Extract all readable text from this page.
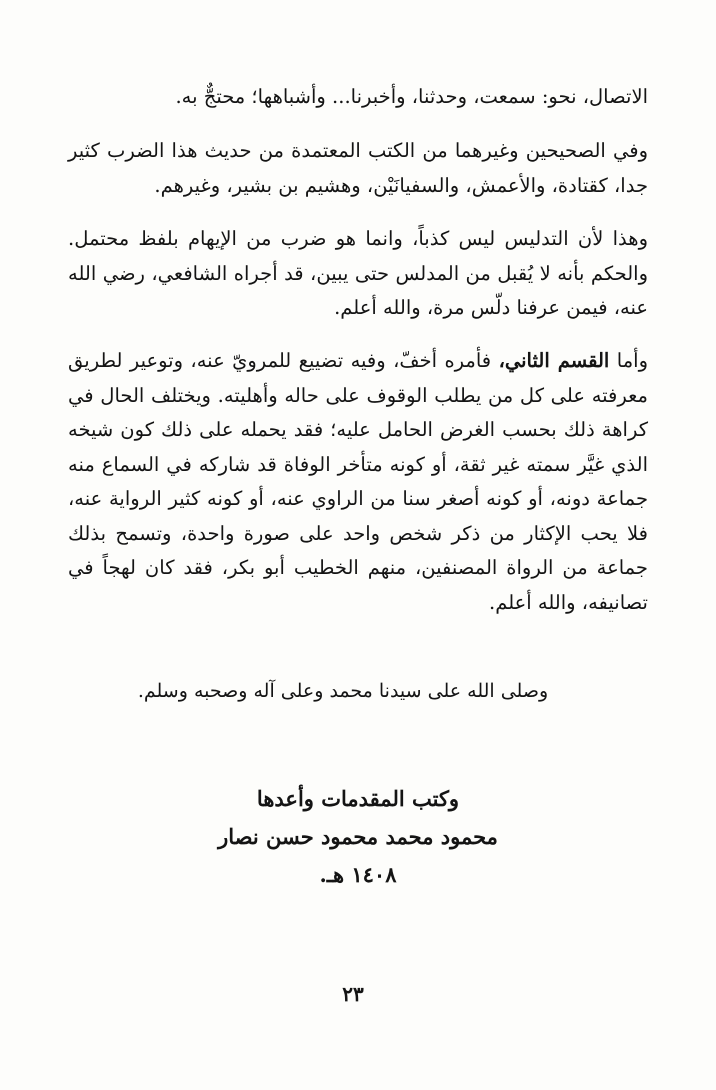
الاتصال، نحو: سمعت، وحدثنا، وأخبرنا... وأشباهها؛ محتجٌّ به.

وفي الصحيحين وغيرهما من الكتب المعتمدة من حديث هذا الضرب كثير جدا، كقتادة، والأعمش، والسفيانَيْن، وهشيم بن بشير، وغيرهم.

وهذا لأن التدليس ليس كذباً، وانما هو ضرب من الإيهام بلفظ محتمل. والحكم بأنه لا يُقبل من المدلس حتى يبين، قد أجراه الشافعي، رضي الله عنه، فيمن عرفنا دلّس مرة، والله أعلم.

وأما القسم الثاني، فأمره أخفّ، وفيه تضييع للمرويّ عنه، وتوعير لطريق معرفته على كل من يطلب الوقوف على حاله وأهليته. ويختلف الحال في كراهة ذلك بحسب الغرض الحامل عليه؛ فقد يحمله على ذلك كون شيخه الذي غيَّر سمته غير ثقة، أو كونه متأخر الوفاة قد شاركه في السماع منه جماعة دونه، أو كونه أصغر سنا من الراوي عنه، أو كونه كثير الرواية عنه، فلا يحب الإكثار من ذكر شخص واحد على صورة واحدة، وتسمح بذلك جماعة من الرواة المصنفين، منهم الخطيب أبو بكر، فقد كان لهجاً في تصانيفه، والله أعلم.

وصلى الله على سيدنا محمد وعلى آله وصحبه وسلم.
وكتب المقدمات وأعدها
محمود محمد محمود حسن نصار
١٤٠٨ هـ.
٢٣
